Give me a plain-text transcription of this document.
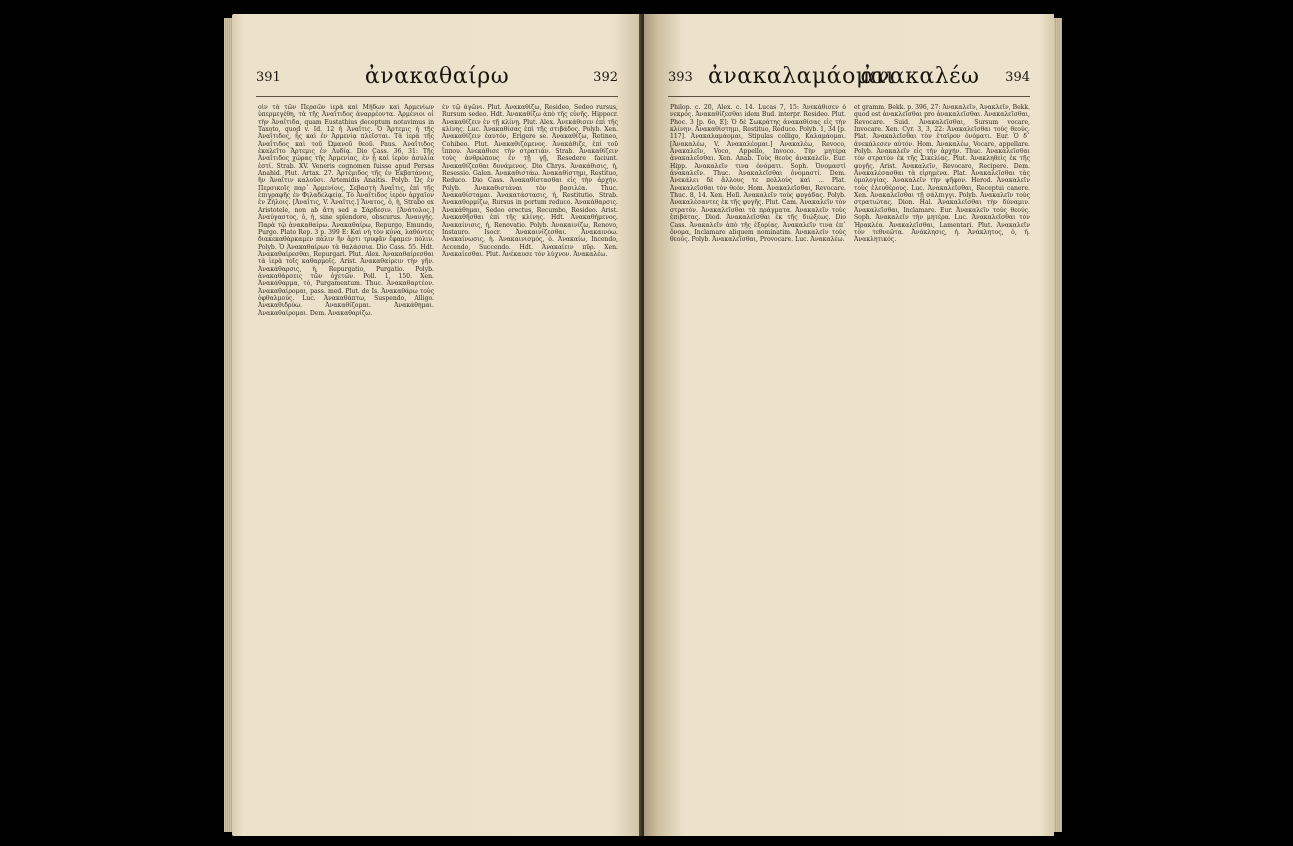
391	ἀνακαθαίρω	392

οἷν τὰ τῶν Περσῶν ἱερὰ καὶ Μήδων καὶ Ἀρμενίων ὑπερμεγέθη, τὰ τῆς Ἀναΐτιδος ἀναρρέοντα. Ἀρμένιοι οἱ τὴν Ἀναΐτιδα, quam Eustathius deceptum notavimus in Taxoto, quod v. Id. 12 ἡ Ἀναΐτις. Ὁ Ἄρτεμις ἡ τῆς Ἀναΐτιδος, ἧς καὶ ἐν Ἀρμενίᾳ πλεῖσται. Tὰ ἱερὰ τῆς Ἀναΐτιδος καὶ τοῦ Ὠμανοῦ θεοῦ. Paus. Ἀναΐτιδος ἐκαλεῖτο Ἄρτεμις ἐν Λυδίᾳ. Dio Cass. 36, 31: Τῆς Ἀναΐτιδος χώρας τῆς Ἀρμενίας, ἐν ᾗ καὶ ἱερὸν ἀσυλία ἐστί. Strab. XV. Veneris cognomen fuisse apud Persas Anahid. Plut. Artax. 27. Ἀρτέμιδος τῆς ἐν Ἐκβατάνοις, ἣν Ἀναΐτιν καλοῦσι. Artemidis Anaitis. Polyb. Ὡς ἐν Περσικοῖς παρ᾽ Ἀρμενίοις, Σεβαστὴ Ἀναΐτις, ἐπὶ τῆς ἐπιγραφῆς ἐν Φιλαδελφείᾳ. Τὸ Ἀναΐτιδος ἱερὸν ἀρχαῖον ἐν Ζήλοις. [Ἀναΐτις, V. Ἀναΐτις.] Ἄνατος, ὁ, ἡ, Strabo ex Aristotele, non ab ἄτη sed a Σάρδεσιν. [Ἀνάτολος.] Ἀναύγαστος, ὁ, ἡ, sine splendore, obscurus. Ἀναυγής. Παρὰ τῷ ἀνακαθαίρω. Ἀνακαθαίρω, Repurgo, Emundo, Purgo. Plato Rep. 3 p. 399 E: Καὶ νὴ τὸν κύνα, λαθόντες διακεκαθάρκαμεν πάλιν ἣν ἄρτι τρυφᾶν ἔφαμεν πόλιν. Polyb. Ὁ Ἀνακαθαίρων τὰ θαλάσσια. Dio Cass. 55. Hdt. Ἀνακαθαίρεσθαι, Repurgari. Plut. Alex. Ἀνακαθαίρεσθαι τὰ ἱερὰ τοῖς καθαρμοῖς. Arist. Ἀνακαθαίρειν τὴν γῆν. Ἀνακάθαρσις, ἡ, Repurgatio, Purgatio. Polyb. ἀνακαθάρσεις τῶν ὀχετῶν. Poll. 1, 150. Xen. Ἀνακάθαρμα, τό, Purgamentum. Thuc. Ἀνακαθαρτέον. Ἀνακαθαίρομαι, pass. med. Plut. de Is. Ἀνακαθάρω τοὺς ὀφθαλμούς. Luc. Ἀνακαθάπτω, Suspendo, Alligo. Ἀνακαθιδρύω. Ἀνακαθίζομαι. Ἀνακάθημαι. Ἀνακαθαίρομαι. Dem. Ἀνακαθαρίζω.

ἐν τῷ ἀγῶνι. Plut. Ἀνακαθίζω, Resideo, Sedeo rursus, Rursum sedeo. Hdt. Ἀνακαθίζω ἀπὸ τῆς εὐνῆς. Hippocr. Ἀνακαθίζειν ἐν τῇ κλίνῃ. Plut. Alex. Ἀνεκάθισεν ἐπὶ τῆς κλίνης. Luc. Ἀνακαθίσας ἐπὶ τῆς στιβάδος. Polyb. Xen. Ἀνακαθίζειν ἐαυτόν, Erigere se. Ἀνακαθίζω, Retineo, Cohibeo. Plut. Ἀνακαθιζόμενος. Ἀνακάθιζε, ἐπὶ τοῦ ἵππου. Ἀνεκάθισε τὴν στρατιάν. Strab. Ἀνακαθίζειν τοὺς ἀνθρώπους ἐν τῇ γῇ, Resedere faciunt. Ἀνακαθίζεσθαι δυνάμενος. Dio Chrys. Ἀνακάθισις, ἡ, Resessio. Galen. Ἀνακαθιστάω. Ἀνακαθίστημι, Restituo, Reduco. Dio Cass. Ἀνακαθίστασθαι εἰς τὴν ἀρχήν. Polyb. Ἀνακαθιστάναι τὸν βασιλέα. Thuc. Ἀνακαθίσταμαι. Ἀνακατάστασις, ἡ, Restitutio. Strab. Ἀνακαθορμίζω, Rursus in portum reduco. Ἀνακάθαρσις. Ἀνακάθημαι, Sedeo erectus, Recumbo, Resideo. Arist. Ἀνακαθῆσθαι ἐπὶ τῆς κλίνης. Hdt. Ἀνακαθήμενος. Ἀνακαίνισις, ἡ, Renovatio. Polyb. Ἀνακαινίζω, Renovo, Instauro. Isocr. Ἀνακαινίζεσθαι. Ἀνακαινόω. Ἀνακαίνωσις, ἡ. Ἀνακαινισμός, ὁ. Ἀνακαίω, Incendo, Accendo, Succendo. Hdt. Ἀνακαίειν πῦρ. Xen. Ἀνακαίεσθαι. Plut. Ἀνέκαυσε τὸν λύχνον. Ἀνακαλέω.

393 ἀνακαλαμάομαι
ἀνακαλέω	394

Philop. c. 20, Alex. c. 14. Lucas 7, 15: Ἀνεκάθισεν ὁ νεκρός. Ἀνακαθίζεσθαι idem Bud. interpr. Resideo. Plut. Phoc. 3 [p. 6o, E]: Ὁ δὲ Σωκράτης ἀνακαθίσας εἰς τὴν κλίνην. Ἀνακαθίστημι, Restituo, Reduco. Polyb. 1, 34 [p. 117]. Ἀνακαλαμάομαι, Stipulas colligo, Καλαμάομαι. [Ἀνακαλέω, V. Ἀνακαλέομαι.] Ἀνακαλέω, Revoco, Ἀνακαλεῖν, Voco, Appello, Invoco. Τὴν μητέρα ἀνακαλεῖσθαι. Xen. Anab. Τοὺς θεοὺς ἀνακαλεῖν. Eur. Hipp. Ἀνακαλεῖν τινα ὀνόματι. Soph. Ὀνομαστὶ ἀνακαλεῖν. Thuc. Ἀνακαλεῖσθαι ὀνομαστί. Dem. Ἀνεκάλει δὲ ἄλλους τε πολλοὺς καὶ ... Plat. Ἀνακαλεῖσθαι τὸν θεόν. Hom. Ἀνακαλεῖσθαι, Revocare. Thuc. 8, 14. Xen. Hell. Ἀνακαλεῖν τοὺς φυγάδας. Polyb. Ἀνακαλέσαντες ἐκ τῆς φυγῆς. Plut. Cam. Ἀνακαλεῖν τὸν στρατόν. Ἀνακαλεῖσθαι τὰ πράγματα. Ἀνακαλεῖν τοὺς ἐπιβάτας. Diod. Ἀνακαλεῖσθαι ἐκ τῆς διώξεως. Dio Cass. Ἀνακαλεῖν ἀπὸ τῆς ἐξορίας. Ἀνακαλεῖν τινα ἐπ᾽ ὄνομα, Inclamare aliquem nominatim. Ἀνακαλεῖν τοὺς θεούς. Polyb. Ἀνακαλεῖσθαι, Provocare. Luc. Ἀνακαλέω.

et gramm. Bekk. p. 396, 27: Ἀνακαλεῖν, Ἀνακλεῖν, Bekk. quod est ἀνακλεῖσθαι pro ἀνακαλεῖσθαι. Ἀνακαλεῖσθαι, Revocare. Suid. Ἀνακαλεῖσθαι, Sursum vocare, Invocare. Xen. Cyr. 3, 3, 22: Ἀνακαλεῖσθαι τοὺς θεούς. Plat. Ἀνακαλεῖσθαι τὸν ἑταῖρον ὀνόματι. Eur. Ὁ δ᾽ ἀνεκάλεσεν αὐτόν. Hom. Ἀνακαλέω, Vocare, appellare. Polyb. Ἀνακαλεῖν εἰς τὴν ἀρχήν. Thuc. Ἀνακαλεῖσθαι τὸν στρατὸν ἐκ τῆς Σικελίας. Plut. Ἀνακληθεὶς ἐκ τῆς φυγῆς. Arist. Ἀνακαλεῖν, Revocare, Recipere. Dem. Ἀνακαλέσασθαι τὰ εἰρημένα. Plat. Ἀνακαλεῖσθαι τὰς ὁμολογίας. Ἀνακαλεῖν τὴν ψῆφον. Herod. Ἀνακαλεῖν τοὺς ἐλευθέρους. Luc. Ἀνακαλεῖσθαι, Receptui canere. Xen. Ἀνακαλεῖσθαι τῇ σάλπιγγι. Polyb. Ἀνακαλεῖν τοὺς στρατιώτας. Dion. Hal. Ἀνακαλεῖσθαι τὴν δύναμιν. Ἀνακαλεῖσθαι, Inclamare. Eur. Ἀνακαλεῖν τοὺς θεούς. Soph. Ἀνακαλεῖν τὴν μητέρα. Luc. Ἀνακαλεῖσθαι τὸν Ἡρακλέα. Ἀνακαλεῖσθαι, Lamentari. Plut. Ἀνακαλεῖν τὸν τεθνεῶτα. Ἀνάκλησις, ἡ. Ἀνάκλητος, ὁ, ἡ. Ἀνακλητικός.
